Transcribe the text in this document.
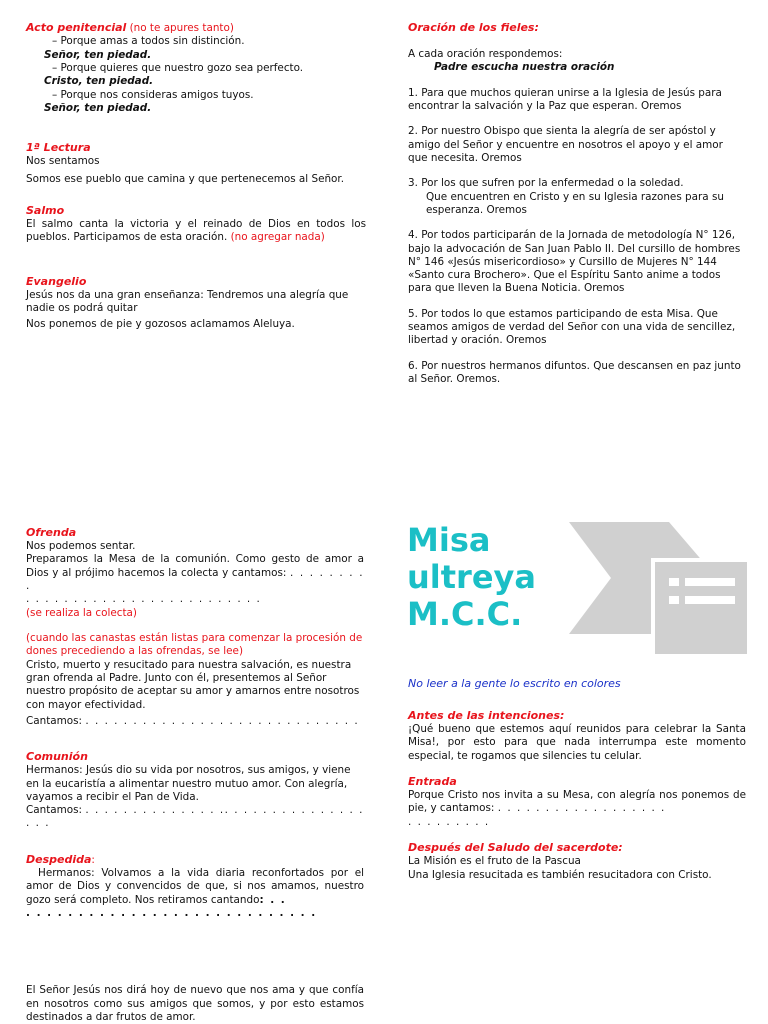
Acto penitencial (no te apures tanto)

– Porque amas a todos sin distinción.

Señor, ten piedad.

– Porque quieres que nuestro gozo sea perfecto.

Cristo, ten piedad.

– Porque nos consideras amigos tuyos.

Señor, ten piedad.

1ª Lectura

Nos sentamos

Somos ese pueblo que camina y que pertenecemos al Señor.

Salmo

El salmo canta la victoria y el reinado de Dios en todos los pueblos. Participamos de esta oración. (no agregar nada)

Evangelio

Jesús nos da una gran enseñanza: Tendremos una alegría que nadie os podrá quitar

Nos ponemos de pie y gozosos aclamamos Aleluya.

Oración de los fieles:

A cada oración respondemos:

Padre escucha nuestra oración

1. Para que muchos quieran unirse a la Iglesia de Jesús para encontrar la salvación y la Paz que esperan. Oremos

2. Por nuestro Obispo que sienta la alegría de ser apóstol y amigo del Señor y encuentre en nosotros el apoyo y el amor que necesita. Oremos

3. Por los que sufren por la enfermedad o la soledad.

Que encuentren en Cristo y en su Iglesia razones para su esperanza. Oremos

4. Por todos participarán de la Jornada de metodología N° 126, bajo la advocación de San Juan Pablo II. Del cursillo de hombres N° 146 «Jesús misericordioso» y Cursillo de Mujeres N° 144 «Santo cura Brochero». Que el Espíritu Santo anime a todos para que lleven la Buena Noticia. Oremos

5. Por todos lo que estamos participando de esta Misa. Que seamos amigos de verdad del Señor con una vida de sencillez, libertad y oración. Oremos

6. Por nuestros hermanos difuntos. Que descansen en paz junto al Señor. Oremos.

Ofrenda

Nos podemos sentar.

Preparamos la Mesa de la comunión. Como gesto de amor a Dios y al prójimo hacemos la colecta y cantamos: . . . . . . . . .

. . . . . . . . . . . . . . . . . . . . . . . . .

(se realiza la colecta)

(cuando las canastas están listas para comenzar la procesión de dones precediendo a las ofrendas, se lee)

Cristo, muerto y resucitado para nuestra salvación, es nuestra gran ofrenda al Padre. Junto con él, presentemos al Señor nuestro propósito de aceptar su amor y amarnos entre nosotros con mayor efectividad.

Cantamos: . . . . . . . . . . . . . . . . . . . . . . . . . . . . .

Comunión

Hermanos: Jesús dio su vida por nosotros, sus amigos, y viene en la eucaristía a alimentar nuestro mutuo amor. Con alegría, vayamos a recibir el Pan de Vida.

Cantamos: . . . . . . . . . . . . . . .. . . . . . . . . . . . . . . . . .

Despedida:

Hermanos: Volvamos a la vida diaria reconfortados por el amor de Dios y convencidos de que, si nos amamos, nuestro gozo será completo. Nos retiramos cantando: . .

. . . . . . . . . . . . . . . . . . . . . . . . . . . .

El Señor Jesús nos dirá hoy de nuevo que nos ama y que confía en nosotros como sus amigos que somos, y por esto estamos destinados a dar frutos de amor.

Misa
ultreya
M.C.C.

No leer a la gente lo escrito en colores

Antes de las intenciones:

¡Qué bueno que estemos aquí reunidos para celebrar la Santa Misa!, por esto para que nada interrumpa este momento especial, te rogamos que silencies tu celular.

Entrada

Porque Cristo nos invita a su Mesa, con alegría nos ponemos de pie, y cantamos: . . . . . . . . . . . . . . . . . .

. . . . . . . . .

Después del Saludo del sacerdote:

La Misión es el fruto de la Pascua

Una Iglesia resucitada es también resucitadora con Cristo.
